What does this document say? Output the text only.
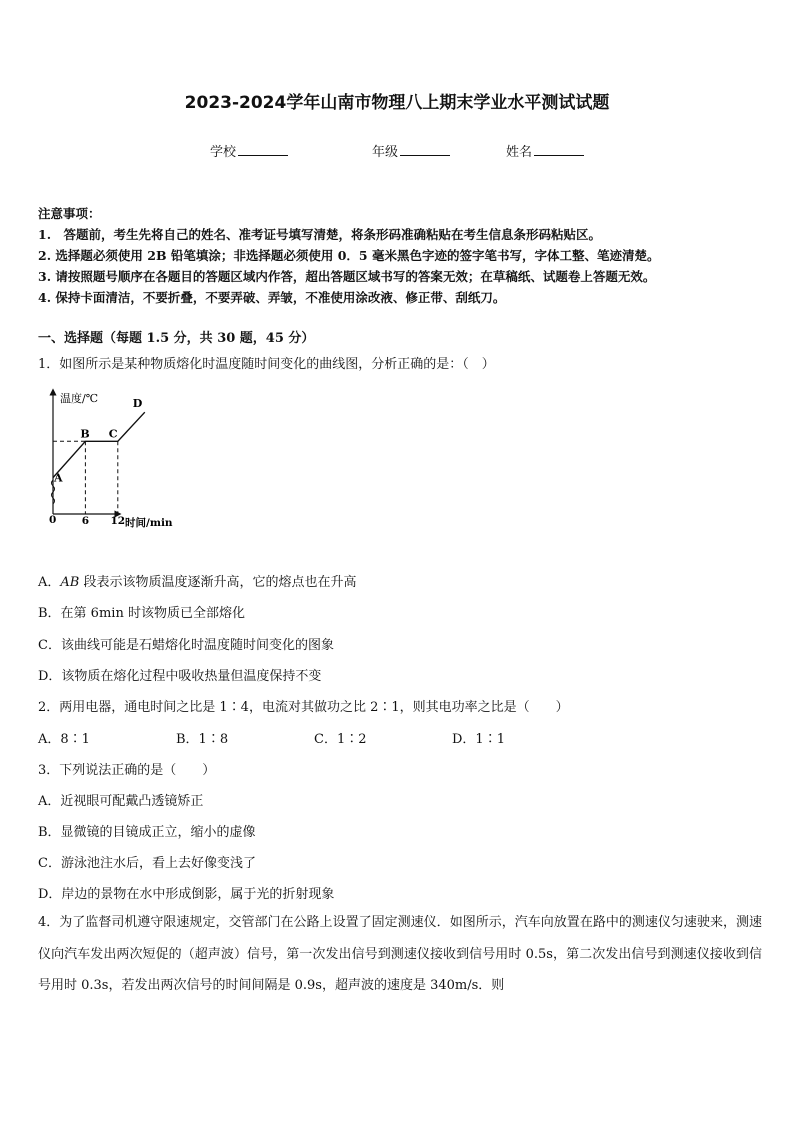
2023-2024学年山南市物理八上期末学业水平测试试题
学校	年级	姓名
注意事项：
1.　答题前，考生先将自己的姓名、准考证号填写清楚，将条形码准确粘贴在考生信息条形码粘贴区。
2. 选择题必须使用 2B 铅笔填涂；非选择题必须使用 0．5 毫米黑色字迹的签字笔书写，字体工整、笔迹清楚。
3. 请按照题号顺序在各题目的答题区域内作答，超出答题区域书写的答案无效；在草稿纸、试题卷上答题无效。
4. 保持卡面清洁，不要折叠，不要弄破、弄皱，不准使用涂改液、修正带、刮纸刀。
一、选择题（每题 1.5 分，共 30 题，45 分）
1．如图所示是某种物质熔化时温度随时间变化的曲线图，分析正确的是：（　）
温度/℃
时间/min
0 6 12
A
B C
D
A．AB 段表示该物质温度逐渐升高，它的熔点也在升高
B．在第 6min 时该物质已全部熔化
C．该曲线可能是石蜡熔化时温度随时间变化的图象
D．该物质在熔化过程中吸收热量但温度保持不变
2．两用电器，通电时间之比是 1∶4，电流对其做功之比 2∶1，则其电功率之比是（　　）
A．8∶1	B．1∶8	C．1∶2	D．1∶1
3．下列说法正确的是（　　）
A．近视眼可配戴凸透镜矫正
B．显微镜的目镜成正立，缩小的虚像
C．游泳池注水后，看上去好像变浅了
D．岸边的景物在水中形成倒影，属于光的折射现象
4．为了监督司机遵守限速规定，交管部门在公路上设置了固定测速仪．如图所示，汽车向放置在路中的测速仪匀速驶来，测速仪向汽车发出两次短促的（超声波）信号，第一次发出信号到测速仪接收到信号用时 0.5s，第二次发出信号到测速仪接收到信号用时 0.3s，若发出两次信号的时间间隔是 0.9s，超声波的速度是 340m/s．则
